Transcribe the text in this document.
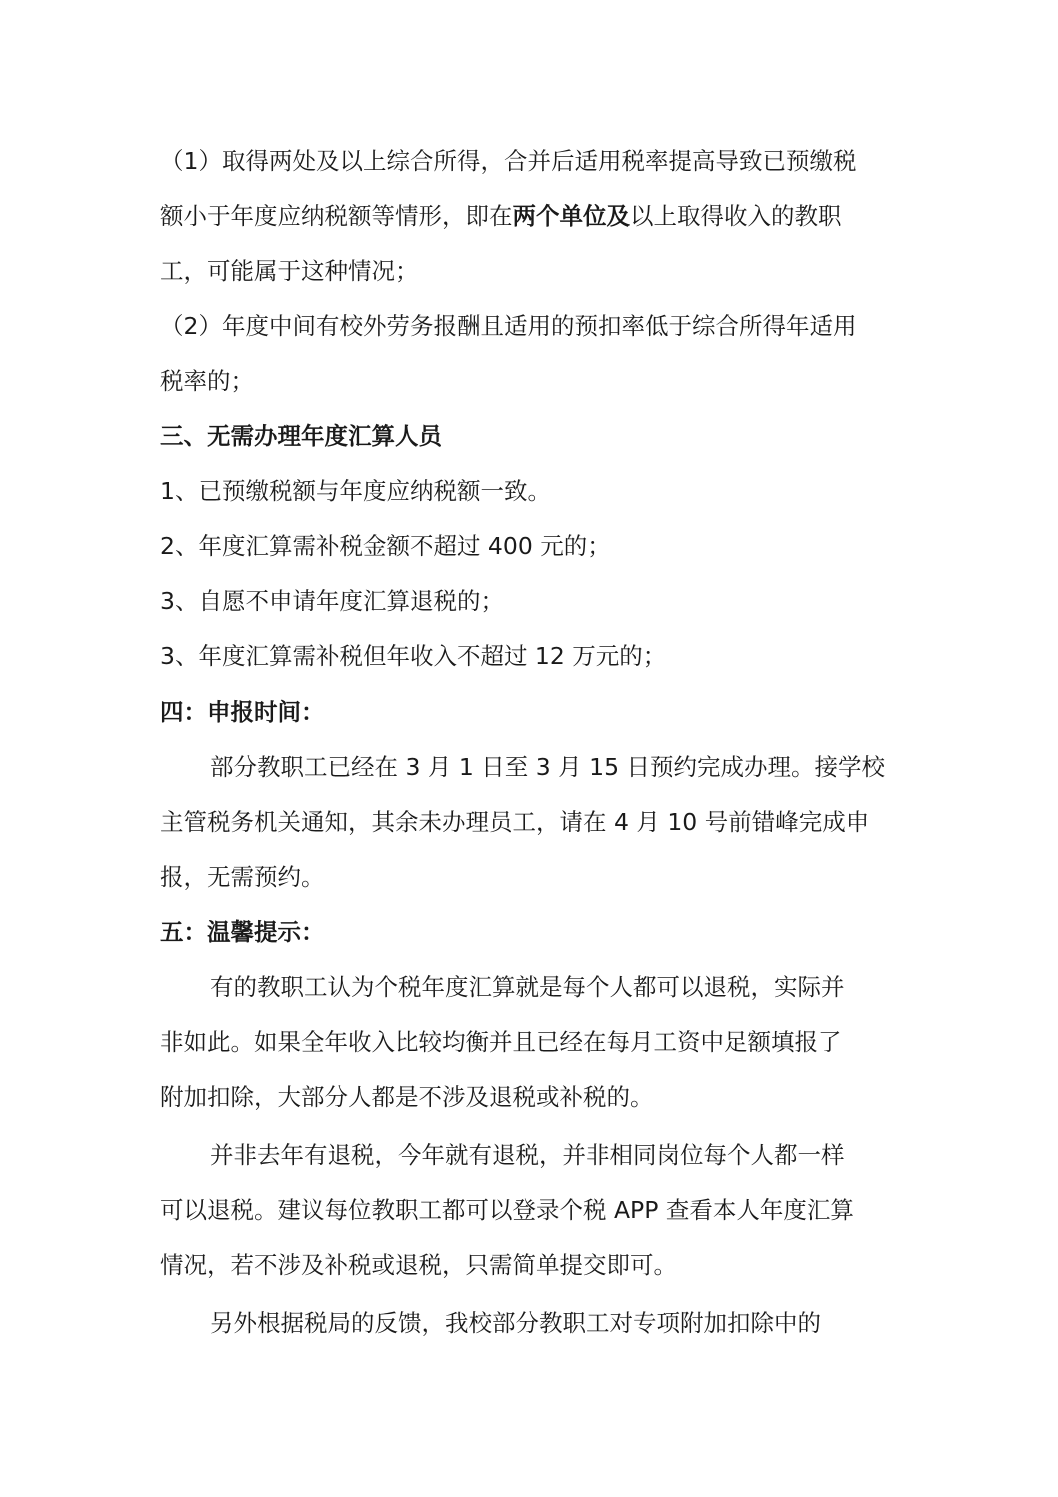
（1）取得两处及以上综合所得，合并后适用税率提高导致已预缴税
额小于年度应纳税额等情形，即在两个单位及以上取得收入的教职
工，可能属于这种情况；
（2）年度中间有校外劳务报酬且适用的预扣率低于综合所得年适用
税率的；
三、无需办理年度汇算人员
1、已预缴税额与年度应纳税额一致。
2、年度汇算需补税金额不超过 400 元的；
3、自愿不申请年度汇算退税的；
3、年度汇算需补税但年收入不超过 12 万元的；
四：申报时间：
部分教职工已经在 3 月 1 日至 3 月 15 日预约完成办理。接学校
主管税务机关通知，其余未办理员工，请在 4 月 10 号前错峰完成申
报，无需预约。
五：温馨提示：
有的教职工认为个税年度汇算就是每个人都可以退税，实际并
非如此。如果全年收入比较均衡并且已经在每月工资中足额填报了
附加扣除，大部分人都是不涉及退税或补税的。
并非去年有退税，今年就有退税，并非相同岗位每个人都一样
可以退税。建议每位教职工都可以登录个税 APP 查看本人年度汇算
情况，若不涉及补税或退税，只需简单提交即可。
另外根据税局的反馈，我校部分教职工对专项附加扣除中的
